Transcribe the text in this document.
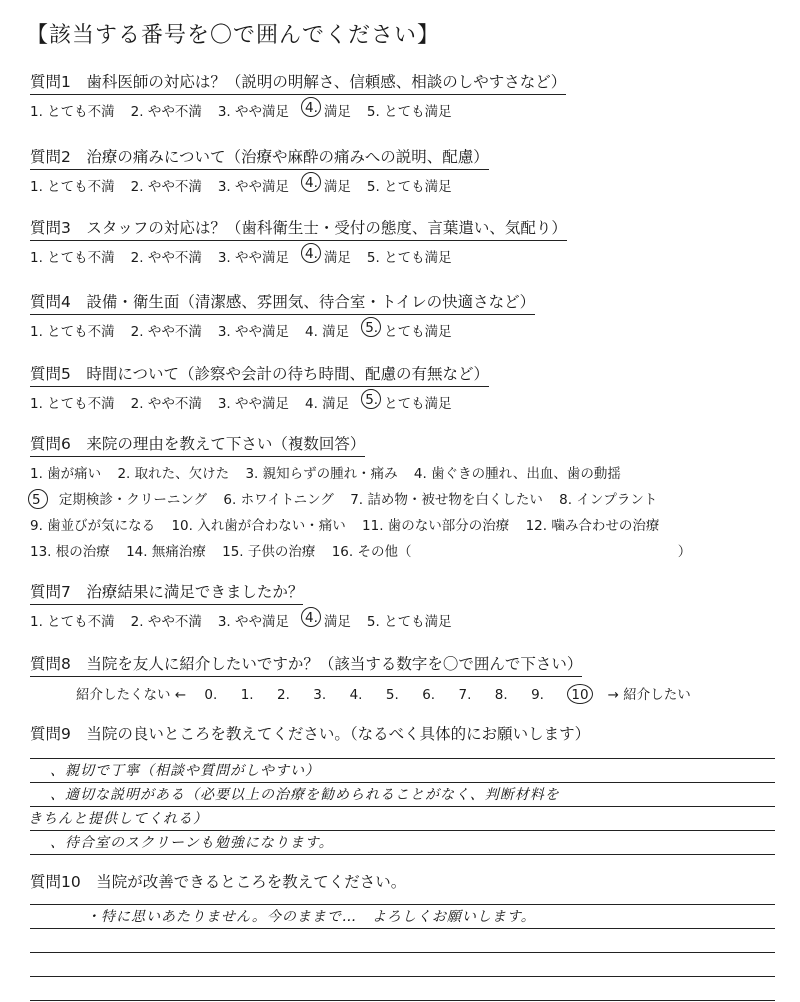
【該当する番号を〇で囲んでください】
質問1　歯科医師の対応は？（説明の明解さ、信頼感、相談のしやすさなど）
1. とても不満 2. やや不満 3. やや満足 4. 満足 5. とても満足
質問2　治療の痛みについて（治療や麻酔の痛みへの説明、配慮）
1. とても不満 2. やや不満 3. やや満足 4. 満足 5. とても満足
質問3　スタッフの対応は？（歯科衛生士・受付の態度、言葉遣い、気配り）
1. とても不満 2. やや不満 3. やや満足 4. 満足 5. とても満足
質問4　設備・衛生面（清潔感、雰囲気、待合室・トイレの快適さなど）
1. とても不満 2. やや不満 3. やや満足 4. 満足 5. とても満足
質問5　時間について（診察や会計の待ち時間、配慮の有無など）
1. とても不満 2. やや不満 3. やや満足 4. 満足 5. とても満足
質問6　来院の理由を教えて下さい（複数回答）
1. 歯が痛い 2. 取れた、欠けた 3. 親知らずの腫れ・痛み 4. 歯ぐきの腫れ、出血、歯の動揺
5 定期検診・クリーニング 6. ホワイトニング 7. 詰め物・被せ物を白くしたい 8. インプラント
9. 歯並びが気になる 10. 入れ歯が合わない・痛い 11. 歯のない部分の治療 12. 噛み合わせの治療
13. 根の治療 14. 無痛治療 15. 子供の治療 16. その他（	）
質問7　治療結果に満足できましたか？
1. とても不満 2. やや不満 3. やや満足 4. 満足 5. とても満足
質問8　当院を友人に紹介したいですか？（該当する数字を〇で囲んで下さい）
紹介したくない ← 0. 1. 2. 3. 4. 5. 6. 7. 8. 9. 10 → 紹介したい
質問9　当院の良いところを教えてください。（なるべく具体的にお願いします）
、親切で丁寧（相談や質問がしやすい）
、適切な説明がある（必要以上の治療を勧められることがなく、判断材料を
きちんと提供してくれる）
、待合室のスクリーンも勉強になります。
質問10　当院が改善できるところを教えてください。
・特に思いあたりません。今のままで…　よろしくお願いします。
